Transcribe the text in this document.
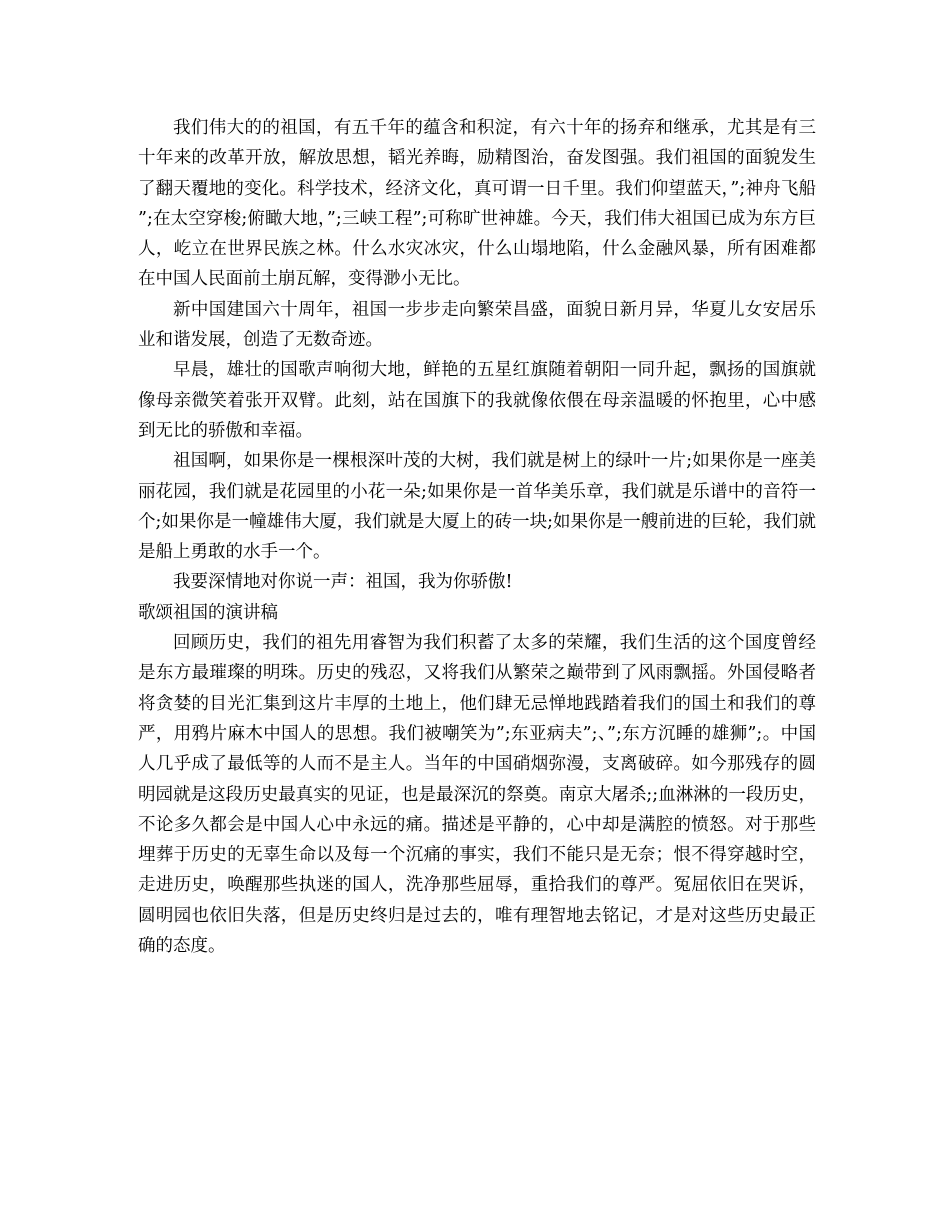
我们伟大的的祖国，有五千年的蕴含和积淀，有六十年的扬弃和继承，尤其是有三十年来的改革开放，解放思想，韬光养晦，励精图治，奋发图强。我们祖国的面貌发生了翻天覆地的变化。科学技术，经济文化，真可谓一日千里。我们仰望蓝天，”;神舟飞船”;在太空穿梭;俯瞰大地，”;三峡工程”;可称旷世神雄。今天，我们伟大祖国已成为东方巨人，屹立在世界民族之林。什么水灾冰灾，什么山塌地陷，什么金融风暴，所有困难都在中国人民面前土崩瓦解，变得渺小无比。

新中国建国六十周年，祖国一步步走向繁荣昌盛，面貌日新月异，华夏儿女安居乐业和谐发展，创造了无数奇迹。

早晨，雄壮的国歌声响彻大地，鲜艳的五星红旗随着朝阳一同升起，飘扬的国旗就像母亲微笑着张开双臂。此刻，站在国旗下的我就像依偎在母亲温暖的怀抱里，心中感到无比的骄傲和幸福。

祖国啊，如果你是一棵根深叶茂的大树，我们就是树上的绿叶一片;如果你是一座美丽花园，我们就是花园里的小花一朵;如果你是一首华美乐章，我们就是乐谱中的音符一个;如果你是一幢雄伟大厦，我们就是大厦上的砖一块;如果你是一艘前进的巨轮，我们就是船上勇敢的水手一个。

我要深情地对你说一声：祖国，我为你骄傲!

歌颂祖国的演讲稿

回顾历史，我们的祖先用睿智为我们积蓄了太多的荣耀，我们生活的这个国度曾经是东方最璀璨的明珠。历史的残忍，又将我们从繁荣之巅带到了风雨飘摇。外国侵略者将贪婪的目光汇集到这片丰厚的土地上，他们肆无忌惮地践踏着我们的国土和我们的尊严，用鸦片麻木中国人的思想。我们被嘲笑为”;东亚病夫”;、”;东方沉睡的雄狮”;。中国人几乎成了最低等的人而不是主人。当年的中国硝烟弥漫，支离破碎。如今那残存的圆明园就是这段历史最真实的见证，也是最深沉的祭奠。南京大屠杀;;血淋淋的一段历史，不论多久都会是中国人心中永远的痛。描述是平静的，心中却是满腔的愤怒。对于那些埋葬于历史的无辜生命以及每一个沉痛的事实，我们不能只是无奈；恨不得穿越时空，走进历史，唤醒那些执迷的国人，洗净那些屈辱，重拾我们的尊严。冤屈依旧在哭诉，圆明园也依旧失落，但是历史终归是过去的，唯有理智地去铭记，才是对这些历史最正确的态度。
